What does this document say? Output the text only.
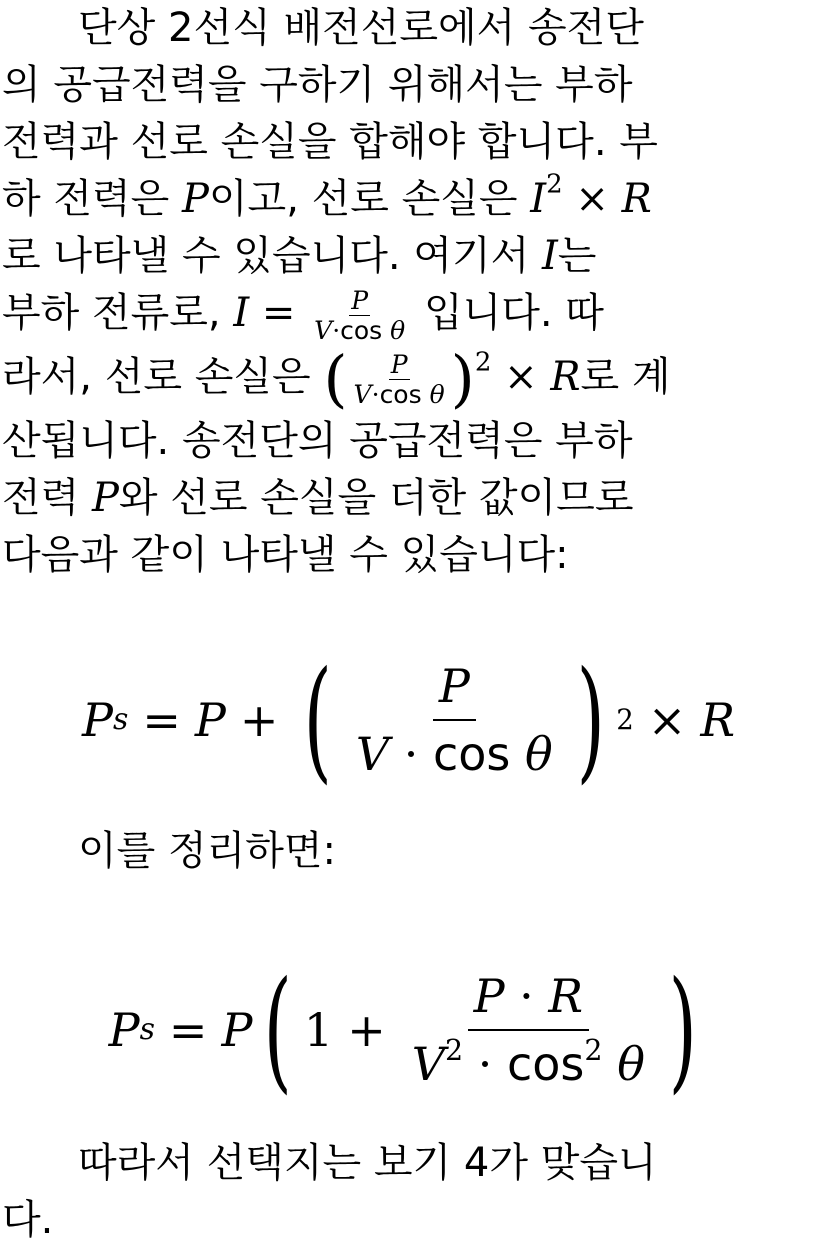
단상 2선식 배전선로에서 송전단
의 공급전력을 구하기 위해서는 부하
전력과 선로 손실을 합해야 합니다. 부
하 전력은 P이고, 선로 손실은 $I^2 \times R$
로 나타낼 수 있습니다. 여기서 I는
부하 전류로, $I = \frac{P}{\text{V·cos θ}}$ 입니다. 따
라서, 선로 손실은 ( $\frac{P}{\text{V·cos θ}} )^2 \times R$로 계
산됩니다. 송전단의 공급전력은 부하
전력 P와 선로 손실을 더한 값이므로
다음과 같이 나타낼 수 있습니다:
P s = P + ( $\frac{P}{\text{V · cos θ}}$ ) 2 × R
이를 정리하면:
P s = P ( $1 + \frac{P \cdot R}{V^2 \cdot \cos^2 \theta}$ )
따라서 선택지는 보기 4가 맞습니
다.
